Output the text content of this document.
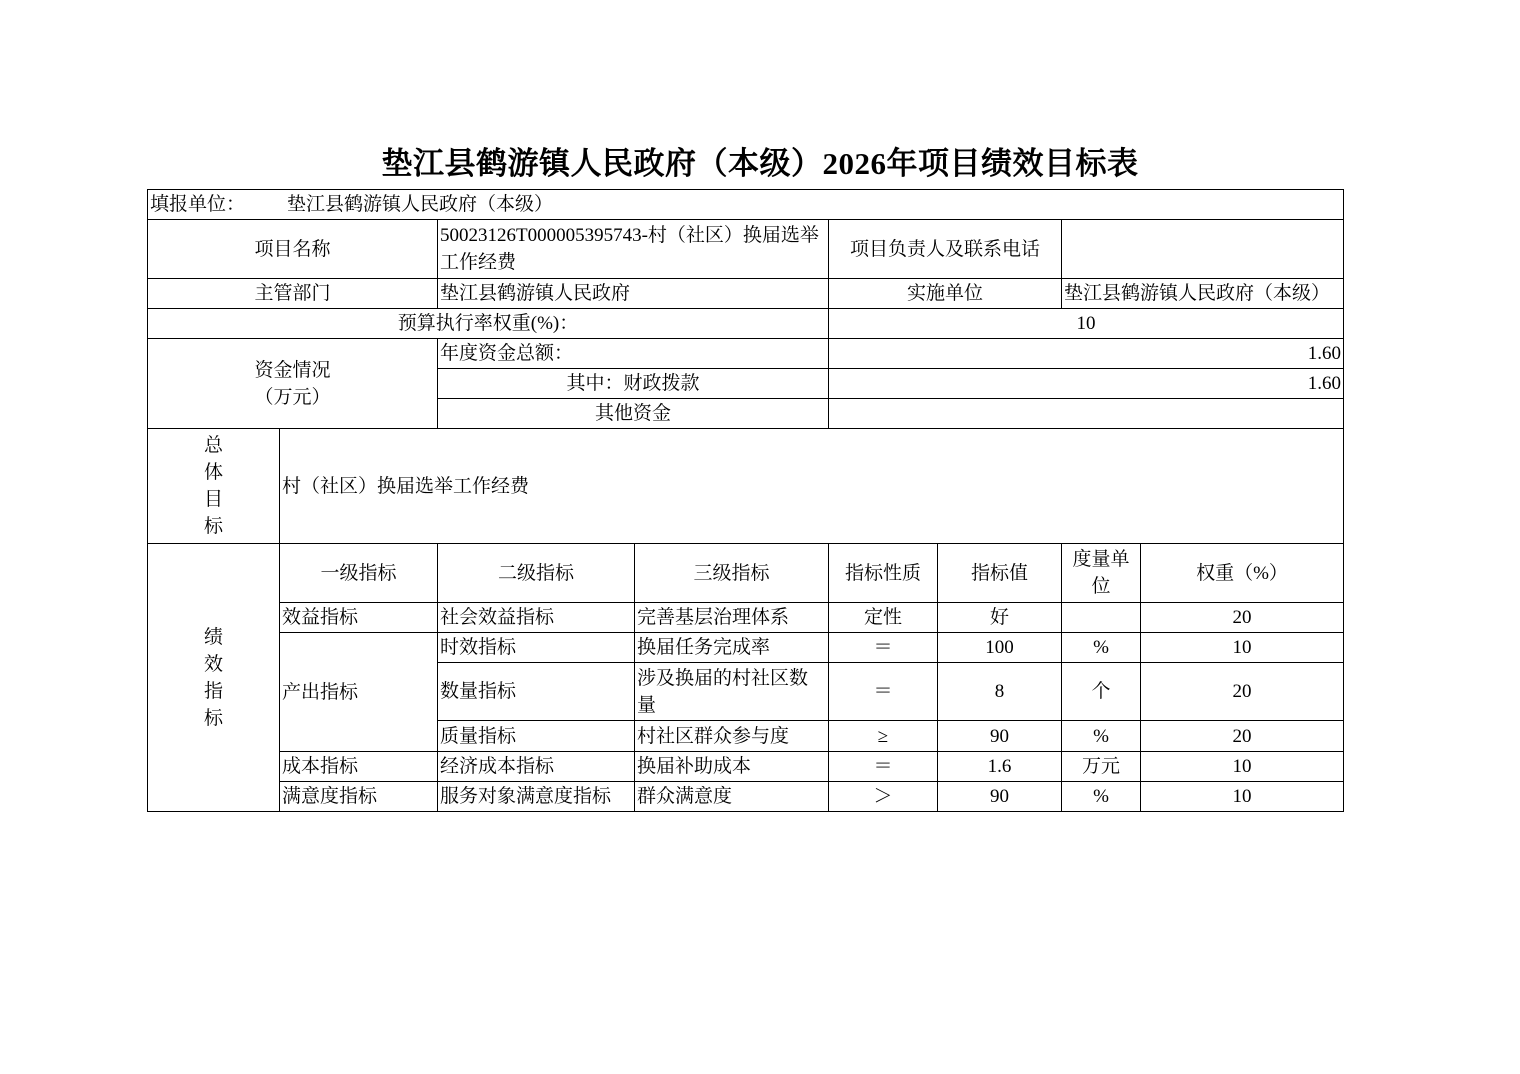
垫江县鹤游镇人民政府（本级）2026年项目绩效目标表
填报单位： 垫江县鹤游镇人民政府（本级）							
项目名称		50023126T000005395743-村（社区）换届选举工作经费		项目负责人及联系电话			
主管部门		垫江县鹤游镇人民政府		实施单位		垫江县鹤游镇人民政府（本级）	
预算执行率权重(%)：				10			
资金情况
（万元）		年度资金总额：		1.60			
		其中：财政拨款		1.60			
		其他资金					

总
体
目
标	村（社区）换届选举工作经费						

绩
效
指
标	一级指标	二级指标	三级指标	指标性质	指标值	度量单位	权重（%）
	效益指标	社会效益指标	完善基层治理体系	定性	好		20
	产出指标	时效指标	换届任务完成率	＝	100	%	10
		数量指标	涉及换届的村社区数量	＝	8	个	20
		质量指标	村社区群众参与度	≥	90	%	20
	成本指标	经济成本指标	换届补助成本	＝	1.6	万元	10
	满意度指标	服务对象满意度指标	群众满意度	＞	90	%	10
